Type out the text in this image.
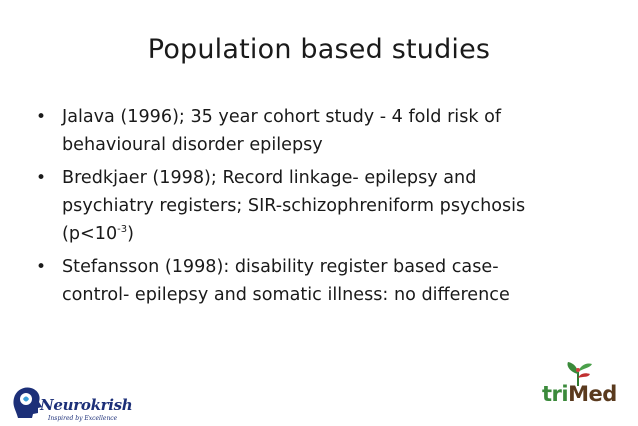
Population based studies
• Jalava (1996); 35 year cohort study - 4 fold risk of
behavioural disorder epilepsy
• Bredkjaer (1998); Record linkage- epilepsy and
psychiatry registers; SIR-schizophreniform psychosis
$(p<10^{-3})$
• Stefansson (1998): disability register based case-
control- epilepsy and somatic illness: no difference
Neurokrish
Inspired by Excellence
triMed
